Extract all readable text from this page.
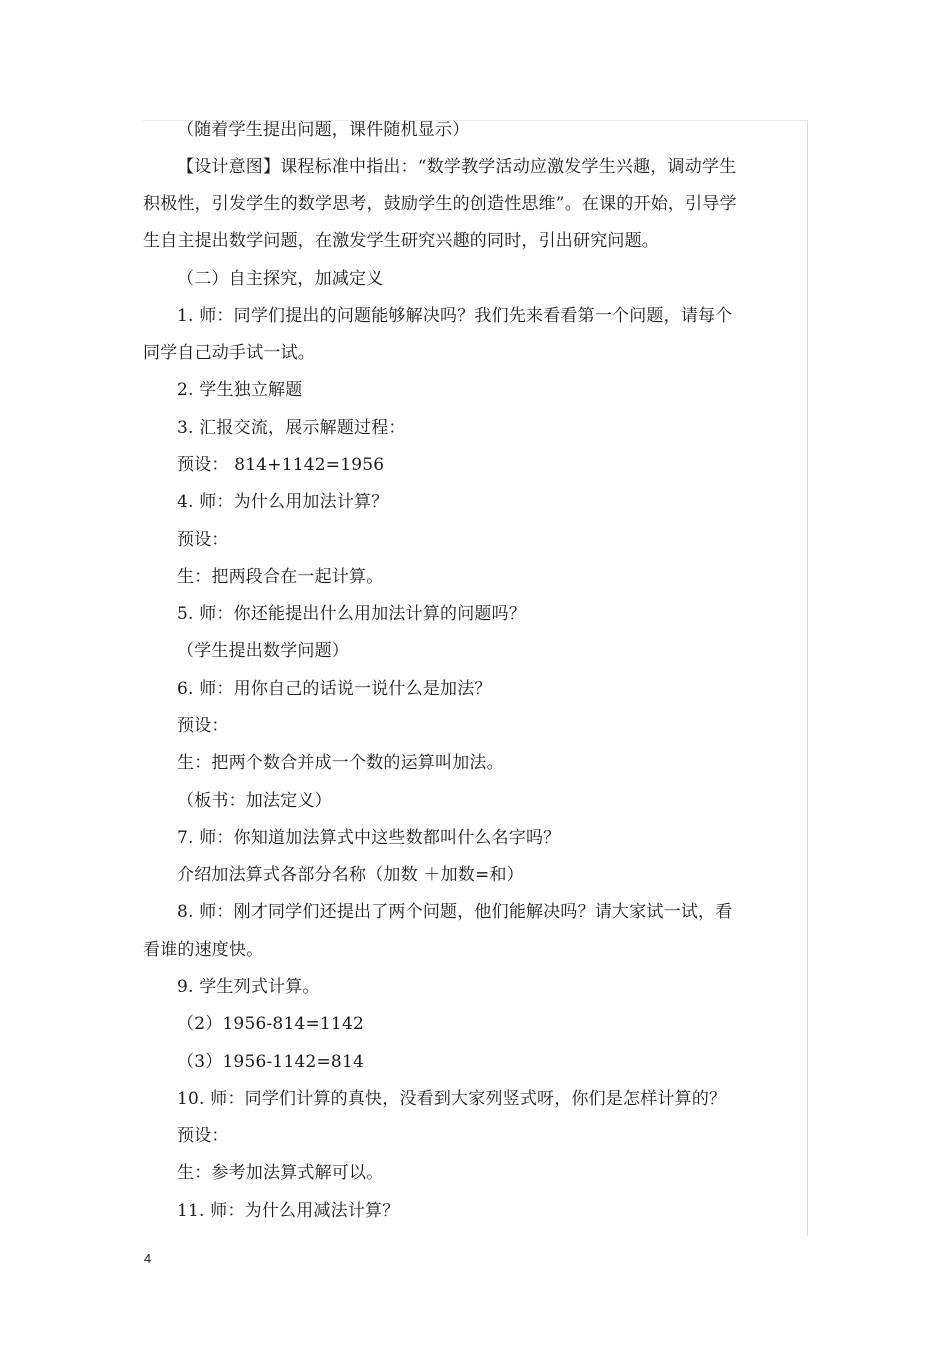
（随着学生提出问题，课件随机显示）
【设计意图】课程标准中指出：“数学教学活动应激发学生兴趣，调动学生
积极性，引发学生的数学思考，鼓励学生的创造性思维”。在课的开始，引导学
生自主提出数学问题，在激发学生研究兴趣的同时，引出研究问题。
（二）自主探究，加减定义
1. 师：同学们提出的问题能够解决吗？我们先来看看第一个问题，请每个
同学自己动手试一试。
2. 学生独立解题
3. 汇报交流，展示解题过程：
预设： 814+1142=1956
4. 师：为什么用加法计算？
预设：
生：把两段合在一起计算。
5. 师：你还能提出什么用加法计算的问题吗？
（学生提出数学问题）
6. 师：用你自己的话说一说什么是加法？
预设：
生：把两个数合并成一个数的运算叫加法。
（板书：加法定义）
7. 师：你知道加法算式中这些数都叫什么名字吗？
介绍加法算式各部分名称（加数 ＋加数=和）
8. 师：刚才同学们还提出了两个问题，他们能解决吗？请大家试一试，看
看谁的速度快。
9. 学生列式计算。
（2）1956-814=1142
（3）1956-1142=814
10. 师：同学们计算的真快，没看到大家列竖式呀，你们是怎样计算的？
预设：
生：参考加法算式解可以。
11. 师：为什么用减法计算？
4
